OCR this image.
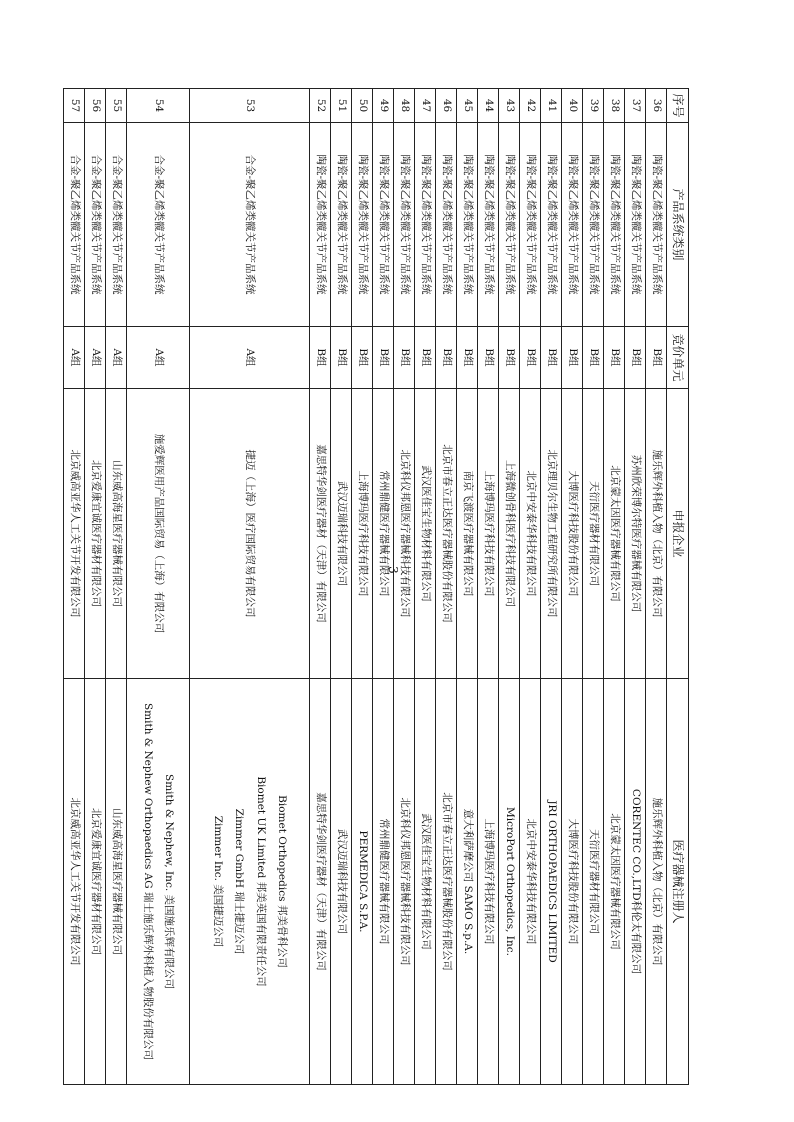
序号	产品系统类别	竞价单元	申报企业	医疗器械注册人
36	陶瓷-聚乙烯类髋关节产品系统	B组	施乐辉外科植入物（北京）有限公司	施乐辉外科植入物（北京）有限公司

37	陶瓷-聚乙烯类髋关节产品系统	B组	苏州欣荣博尔特医疗器械有限公司	CORENTEC CO.,LTD科伦太有限公司

38	陶瓷-聚乙烯类髋关节产品系统	B组	北京蒙太因医疗器械有限公司	北京蒙太因医疗器械有限公司

39	陶瓷-聚乙烯类髋关节产品系统	B组	天衍医疗器材有限公司	天衍医疗器材有限公司

40	陶瓷-聚乙烯类髋关节产品系统	B组	大博医疗科技股份有限公司	大博医疗科技股份有限公司

41	陶瓷-聚乙烯类髋关节产品系统	B组	北京理贝尔生物工程研究所有限公司	JRI ORTHOPAEDICS LIMITED

42	陶瓷-聚乙烯类髋关节产品系统	B组	北京中安泰华科技有限公司	北京中安泰华科技有限公司

43	陶瓷-聚乙烯类髋关节产品系统	B组	上海微创骨科医疗科技有限公司	MicroPort Orthopedics, Inc.

44	陶瓷-聚乙烯类髋关节产品系统	B组	上海博玛医疗科技有限公司	上海博玛医疗科技有限公司

45	陶瓷-聚乙烯类髋关节产品系统	B组	南京飞渡医疗器械有限公司	意大利萨摩公司 SAMO S.p.A.

46	陶瓷-聚乙烯类髋关节产品系统	B组	北京市春立正达医疗器械股份有限公司	北京市春立正达医疗器械股份有限公司

47	陶瓷-聚乙烯类髋关节产品系统	B组	武汉医佳宝生物材料有限公司	武汉医佳宝生物材料有限公司

48	陶瓷-聚乙烯类髋关节产品系统	B组	北京科仪邦恩医疗器械科技有限公司	北京科仪邦恩医疗器械科技有限公司

49	陶瓷-聚乙烯类髋关节产品系统	B组	常州鼎健医疗器械有限公司	常州鼎健医疗器械有限公司

50	陶瓷-聚乙烯类髋关节产品系统	B组	上海博玛医疗科技有限公司	PERMEDICA S.P.A.

51	陶瓷-聚乙烯类髋关节产品系统	B组	武汉迈瑞科技有限公司	武汉迈瑞科技有限公司

52	陶瓷-聚乙烯类髋关节产品系统	B组	嘉思特华剑医疗器材（天津）有限公司	嘉思特华剑医疗器材（天津）有限公司

53	合金-聚乙烯类髋关节产品系统	A组	捷迈（上海）医疗国际贸易有限公司	Biomet Orthopedics 邦美骨科公司
Biomet UK Limited 邦美英国有限责任公司
Zimmer GmbH 瑞士捷迈公司
Zimmer Inc. 美国捷迈公司

54	合金-聚乙烯类髋关节产品系统	A组	施爱辉医用产品国际贸易（上海）有限公司	Smith & Nephew, Inc. 美国施乐辉有限公司
Smith & Nephew Orthopaedics AG 瑞士施乐辉外科植入物股份有限公司

55	合金-聚乙烯类髋关节产品系统	A组	山东威高海星医疗器械有限公司	山东威高海星医疗器械有限公司

56	合金-聚乙烯类髋关节产品系统	A组	北京爱康宜诚医疗器材有限公司	北京爱康宜诚医疗器材有限公司

57	合金-聚乙烯类髋关节产品系统	A组	北京威高亚华人工关节开发有限公司	北京威高亚华人工关节开发有限公司
3
